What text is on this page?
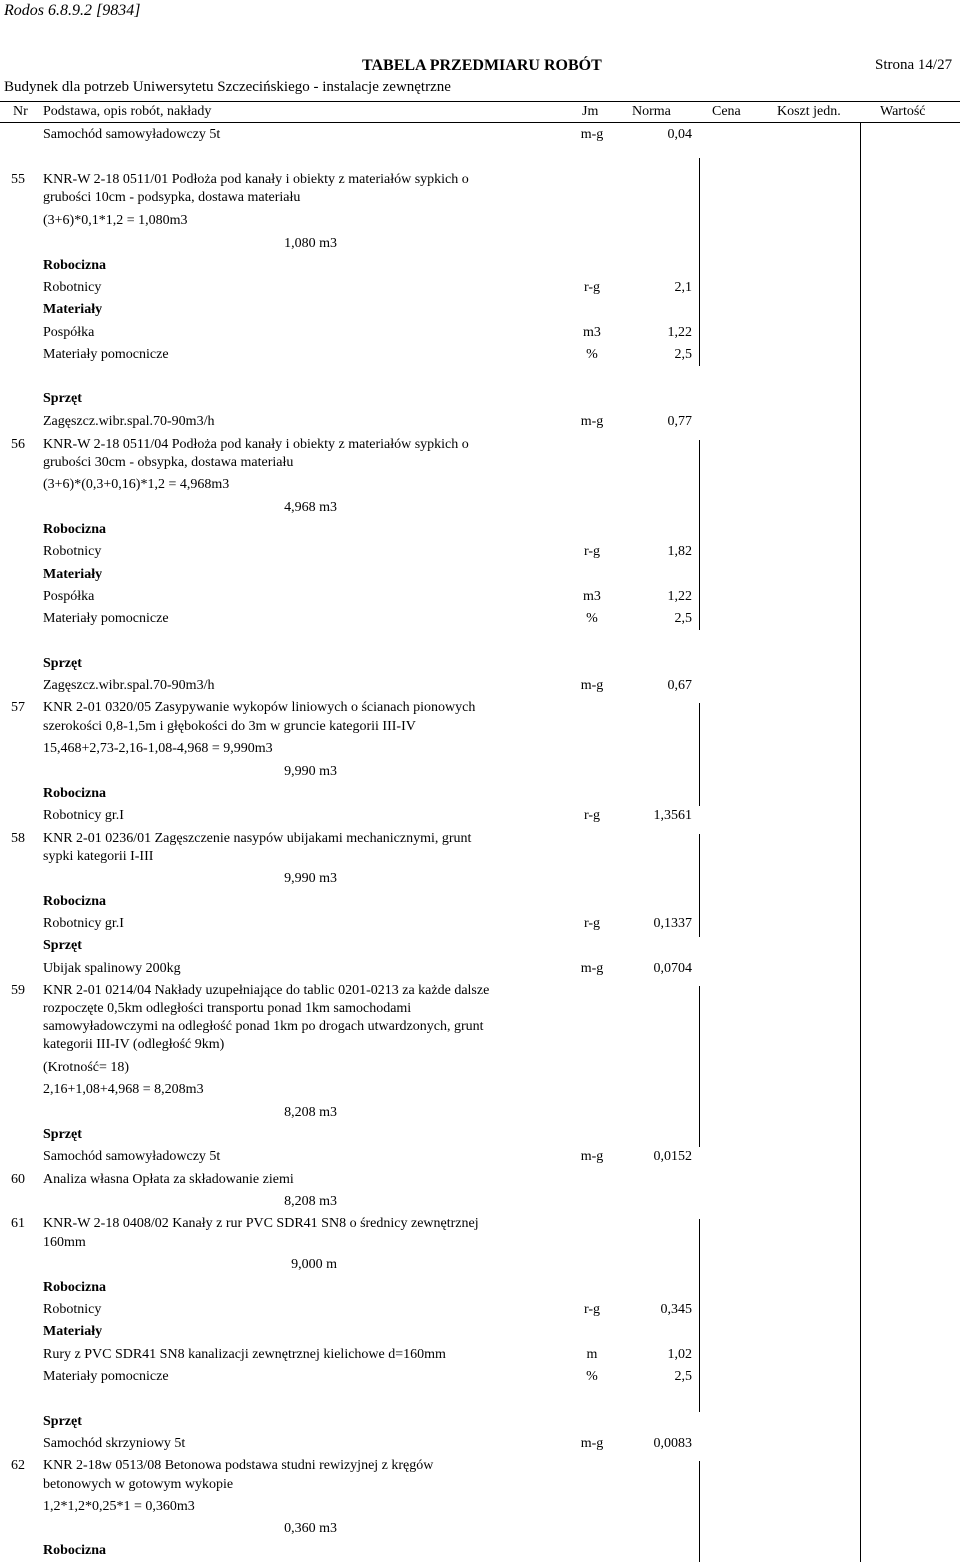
Rodos 6.8.9.2 [9834]
TABELA PRZEDMIARU ROBÓT	Strona 14/27
Budynek dla potrzeb Uniwersytetu Szczecińskiego - instalacje zewnętrzne
Nr Podstawa, opis robót, nakłady	Jm Norma	Cena	Koszt jedn.	Wartość
Samochód samowyładowczy 5t	m-g	0,04
55 KNR-W 2-18 0511/01 Podłoża pod kanały i obiekty z materiałów sypkich o
grubości 10cm - podsypka, dostawa materiału
(3+6)*0,1*1,2 = 1,080m3
1,080 m3
Robocizna
Robotnicy	r-g	2,1
Materiały
Pospółka	m3	1,22
Materiały pomocnicze	%	2,5
Sprzęt
Zagęszcz.wibr.spal.70-90m3/h	m-g	0,77
56 KNR-W 2-18 0511/04 Podłoża pod kanały i obiekty z materiałów sypkich o
grubości 30cm - obsypka, dostawa materiału
(3+6)*(0,3+0,16)*1,2 = 4,968m3
4,968 m3
Robocizna
Robotnicy	r-g	1,82
Materiały
Pospółka	m3	1,22
Materiały pomocnicze	%	2,5
Sprzęt
Zagęszcz.wibr.spal.70-90m3/h	m-g	0,67
57 KNR 2-01 0320/05 Zasypywanie wykopów liniowych o ścianach pionowych
szerokości 0,8-1,5m i głębokości do 3m w gruncie kategorii III-IV
15,468+2,73-2,16-1,08-4,968 = 9,990m3
9,990 m3
Robocizna
Robotnicy gr.I	r-g	1,3561
58 KNR 2-01 0236/01 Zagęszczenie nasypów ubijakami mechanicznymi, grunt
sypki kategorii I-III
9,990 m3
Robocizna
Robotnicy gr.I	r-g	0,1337
Sprzęt
Ubijak spalinowy 200kg	m-g	0,0704
59 KNR 2-01 0214/04 Nakłady uzupełniające do tablic 0201-0213 za każde dalsze
rozpoczęte 0,5km odległości transportu ponad 1km samochodami
samowyładowczymi na odległość ponad 1km po drogach utwardzonych, grunt
kategorii III-IV (odległość 9km)
(Krotność= 18)
2,16+1,08+4,968 = 8,208m3
8,208 m3
Sprzęt
Samochód samowyładowczy 5t	m-g	0,0152
60 Analiza własna Opłata za składowanie ziemi
8,208 m3
61 KNR-W 2-18 0408/02 Kanały z rur PVC SDR41 SN8 o średnicy zewnętrznej
160mm
9,000 m
Robocizna
Robotnicy	r-g	0,345
Materiały
Rury z PVC SDR41 SN8 kanalizacji zewnętrznej kielichowe d=160mm	m	1,02
Materiały pomocnicze	%	2,5
Sprzęt
Samochód skrzyniowy 5t	m-g	0,0083
62 KNR 2-18w 0513/08 Betonowa podstawa studni rewizyjnej z kręgów
betonowych w gotowym wykopie
1,2*1,2*0,25*1 = 0,360m3
0,360 m3
Robocizna
